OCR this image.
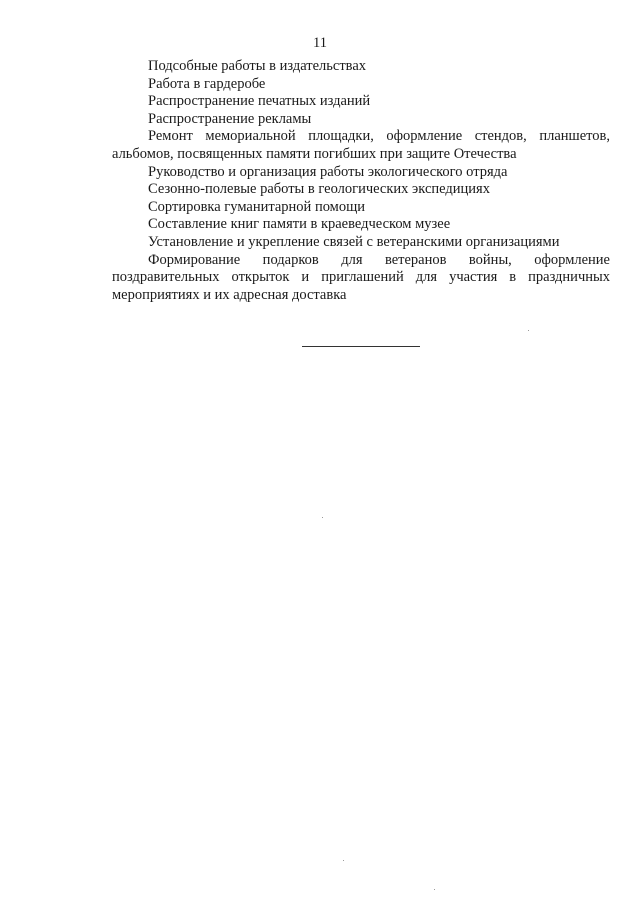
11

Подсобные работы в издательствах

Работа в гардеробе

Распространение печатных изданий

Распространение рекламы

Ремонт мемориальной площадки, оформление стендов, планшетов, альбомов, посвященных памяти погибших при защите Отечества

Руководство и организация работы экологического отряда

Сезонно-полевые работы в геологических экспедициях

Сортировка гуманитарной помощи

Составление книг памяти в краеведческом музее

Установление и укрепление связей с ветеранскими организациями

Формирование подарков для ветеранов войны, оформление поздравительных открыток и приглашений для участия в праздничных мероприятиях и их адресная доставка
